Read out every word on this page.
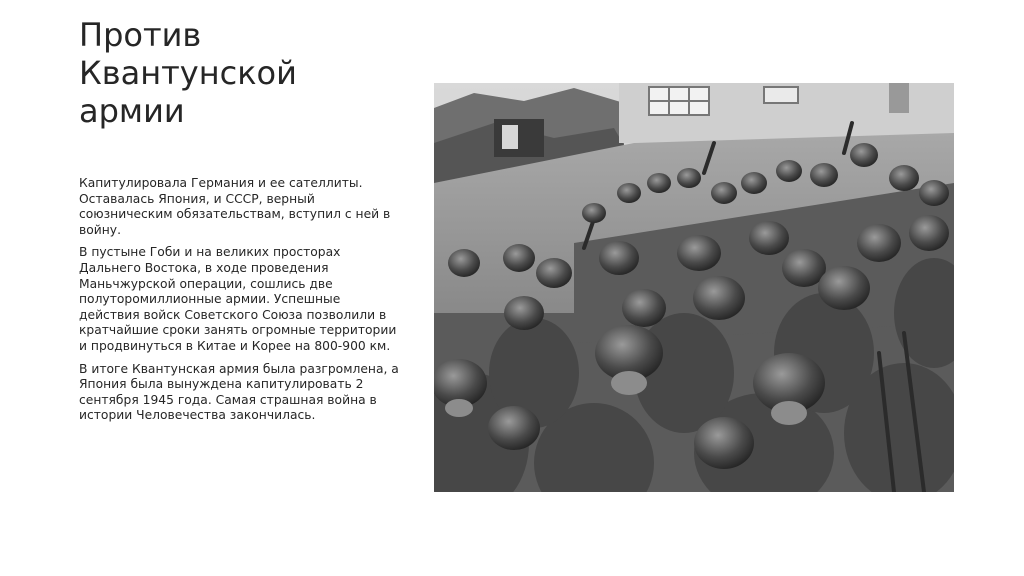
Против
Квантунской
армии

Капитулировала Германия и ее сателлиты. Оставалась Япония, и СССР, верный союзническим обязательствам, вступил с ней в войну.

В пустыне Гоби и на великих просторах Дальнего Востока, в ходе проведения Маньчжурской операции, сошлись две полуторомиллионные армии. Успешные действия войск Советского Союза позволили в кратчайшие сроки занять огромные территории и продвинуться в Китае и Корее на 800-900 км.

В итоге Квантунская армия была разгромлена, а Япония была вынуждена капитулировать 2 сентября 1945 года. Самая страшная война в истории Человечества закончилась.
